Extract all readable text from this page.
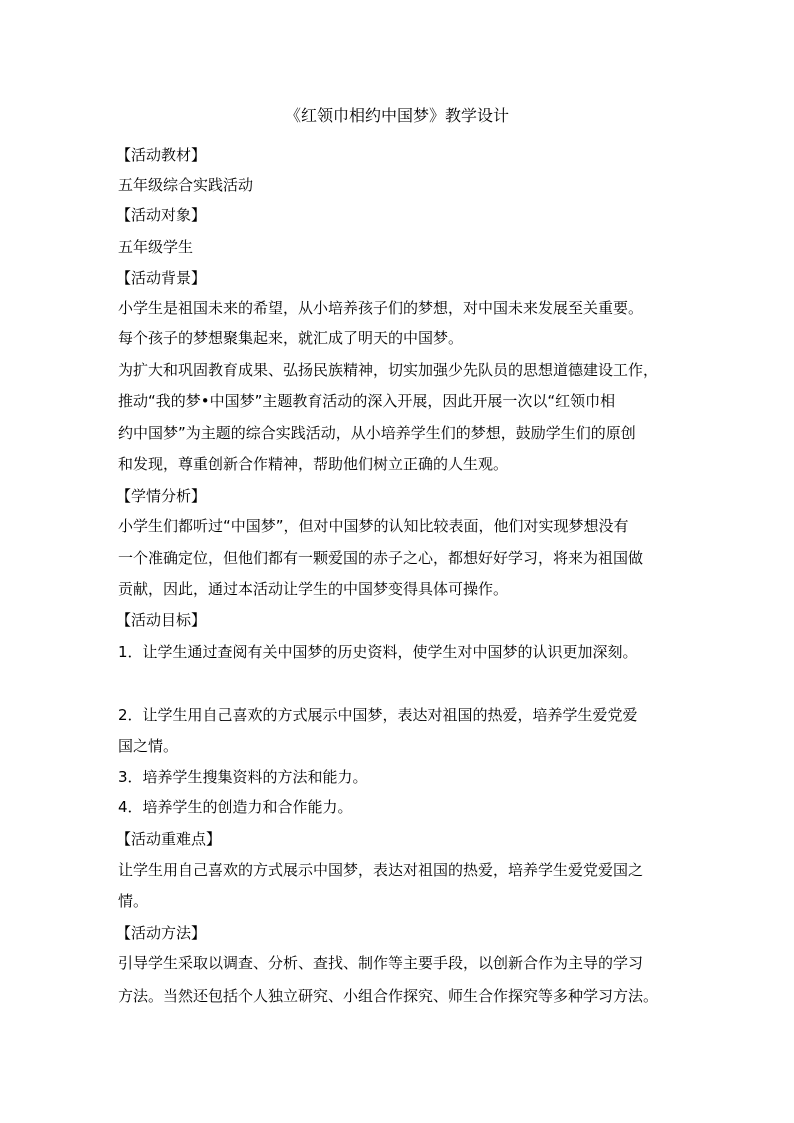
《红领巾相约中国梦》教学设计
【活动教材】
五年级综合实践活动
【活动对象】
五年级学生
【活动背景】
小学生是祖国未来的希望，从小培养孩子们的梦想，对中国未来发展至关重要。
每个孩子的梦想聚集起来，就汇成了明天的中国梦。
为扩大和巩固教育成果、弘扬民族精神，切实加强少先队员的思想道德建设工作，
推动“我的梦•中国梦”主题教育活动的深入开展，因此开展一次以“红领巾相
约中国梦”为主题的综合实践活动，从小培养学生们的梦想，鼓励学生们的原创
和发现，尊重创新合作精神，帮助他们树立正确的人生观。
【学情分析】
小学生们都听过“中国梦”，但对中国梦的认知比较表面，他们对实现梦想没有
一个准确定位，但他们都有一颗爱国的赤子之心，都想好好学习，将来为祖国做
贡献，因此，通过本活动让学生的中国梦变得具体可操作。
【活动目标】
1．让学生通过查阅有关中国梦的历史资料，使学生对中国梦的认识更加深刻。
2．让学生用自己喜欢的方式展示中国梦，表达对祖国的热爱，培养学生爱党爱
国之情。
3．培养学生搜集资料的方法和能力。
4．培养学生的创造力和合作能力。
【活动重难点】
让学生用自己喜欢的方式展示中国梦，表达对祖国的热爱，培养学生爱党爱国之
情。
【活动方法】
引导学生采取以调查、分析、查找、制作等主要手段，以创新合作为主导的学习
方法。当然还包括个人独立研究、小组合作探究、师生合作探究等多种学习方法。
